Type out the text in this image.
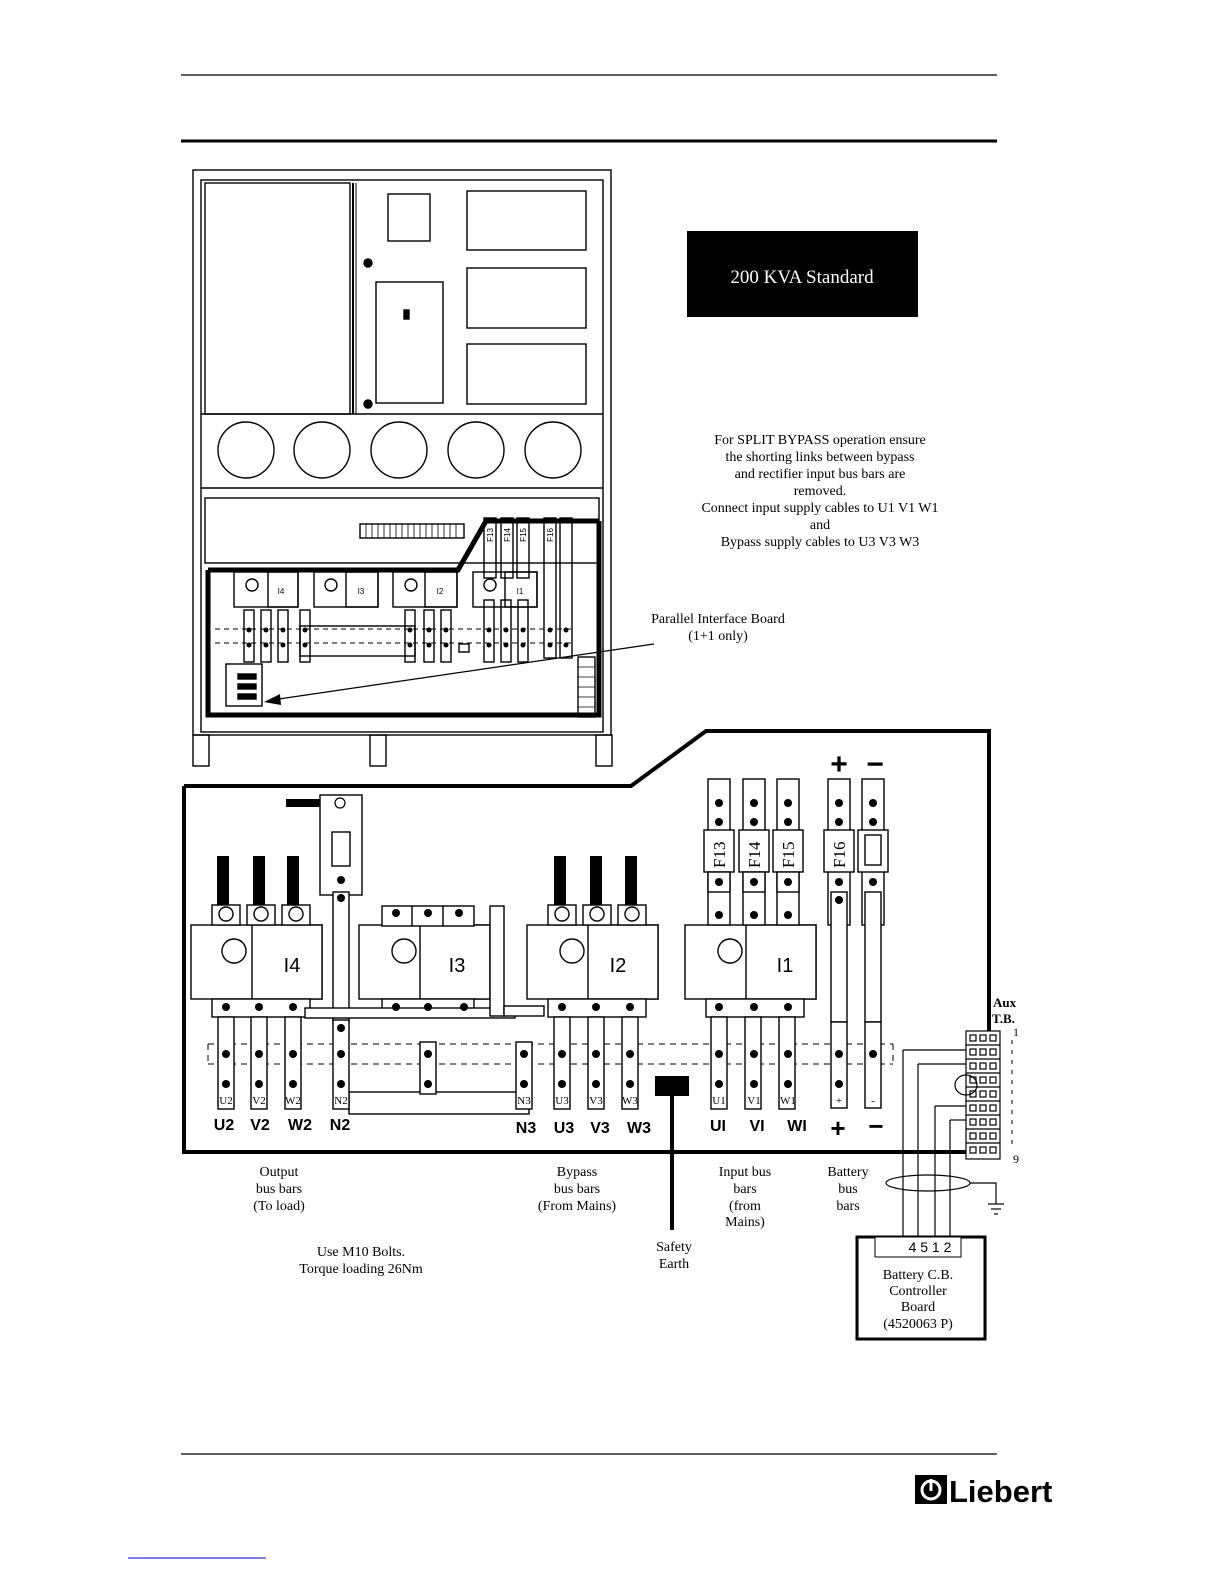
I4	I3	I2	I1
F13 F14 F15 F16
200 KVA Standard
For SPLIT BYPASS operation ensure
the shorting links between bypass
and rectifier input bus bars are
removed.
Connect input supply cables to U1 V1 W1
and
Bypass supply cables to U3 V3 W3
Parallel Interface Board
(1+1 only)
I4	I3	I2	I1
F13 F14 F15 F16
+ −
U2 V2 W2	N2	N3 U3 V3 W3	U1 V1 W1	+	-
U2 V2 W2 N2	N3 U3 V3 W3	UI VI WI + −
Aux
T.B.
1
9
4 5 1 2
Battery C.B.
Controller
Board
(4520063 P)
Output
bus bars
(To load)
Bypass
bus bars
(From Mains)
Input bus
bars
(from
Mains)
Battery
bus
bars
Use M10 Bolts.
Torque loading 26Nm
Safety
Earth
Liebert
